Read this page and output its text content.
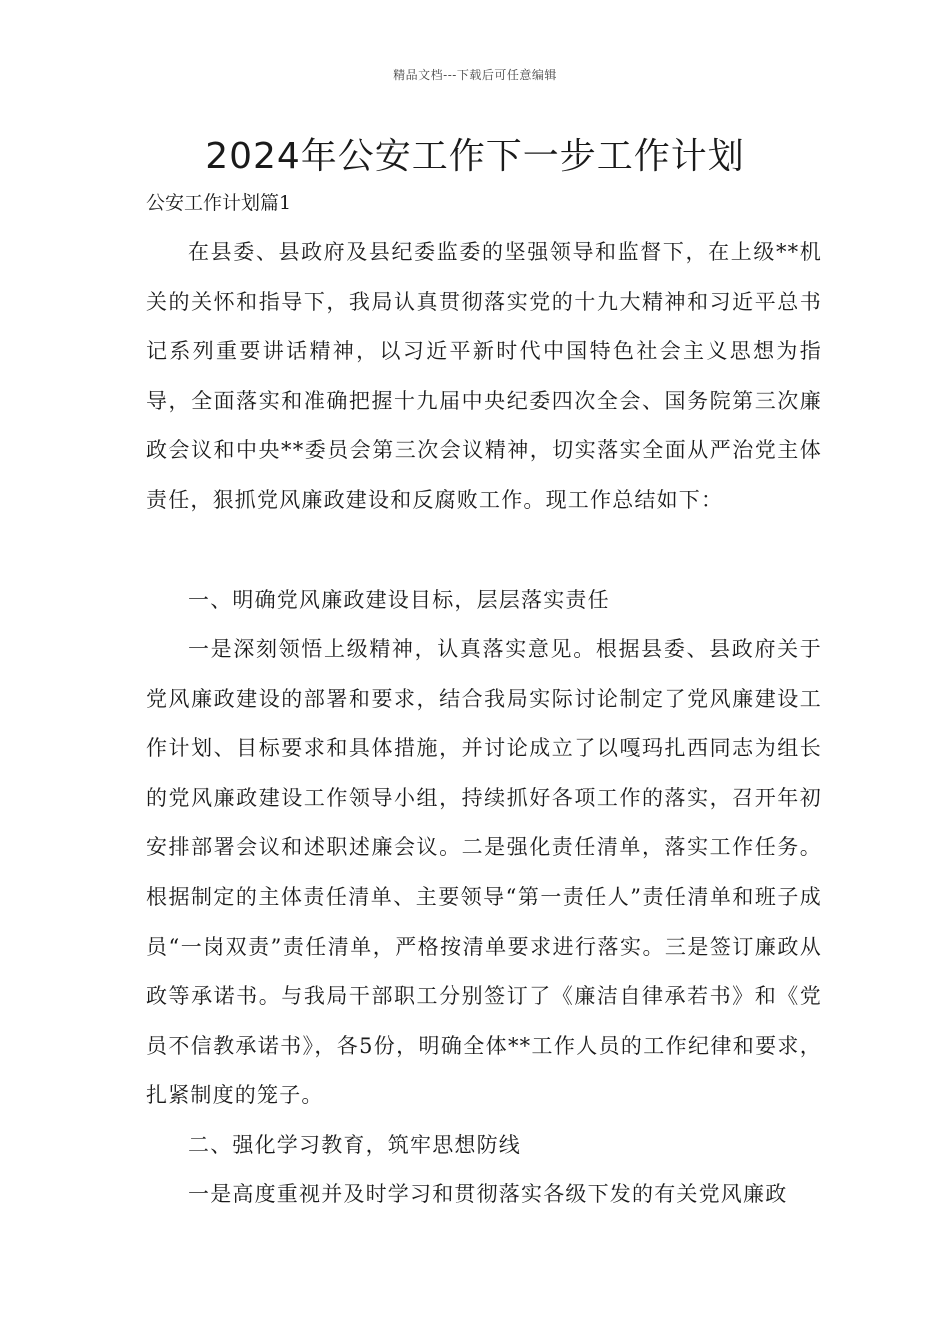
精品文档---下载后可任意编辑
2024年公安工作下一步工作计划
公安工作计划篇1

在县委、县政府及县纪委监委的坚强领导和监督下，在上级**机关的关怀和指导下，我局认真贯彻落实党的十九大精神和习近平总书记系列重要讲话精神，以习近平新时代中国特色社会主义思想为指导，全面落实和准确把握十九届中央纪委四次全会、国务院第三次廉政会议和中央**委员会第三次会议精神，切实落实全面从严治党主体责任，狠抓党风廉政建设和反腐败工作。现工作总结如下：

一、明确党风廉政建设目标，层层落实责任

一是深刻领悟上级精神，认真落实意见。根据县委、县政府关于党风廉政建设的部署和要求，结合我局实际讨论制定了党风廉建设工作计划、目标要求和具体措施，并讨论成立了以嘎玛扎西同志为组长的党风廉政建设工作领导小组，持续抓好各项工作的落实，召开年初安排部署会议和述职述廉会议。二是强化责任清单，落实工作任务。根据制定的主体责任清单、主要领导“第一责任人”责任清单和班子成员“一岗双责”责任清单，严格按清单要求进行落实。三是签订廉政从政等承诺书。与我局干部职工分别签订了《廉洁自律承若书》和《党员不信教承诺书》，各5份，明确全体**工作人员的工作纪律和要求，扎紧制度的笼子。

二、强化学习教育，筑牢思想防线

一是高度重视并及时学习和贯彻落实各级下发的有关党风廉政
